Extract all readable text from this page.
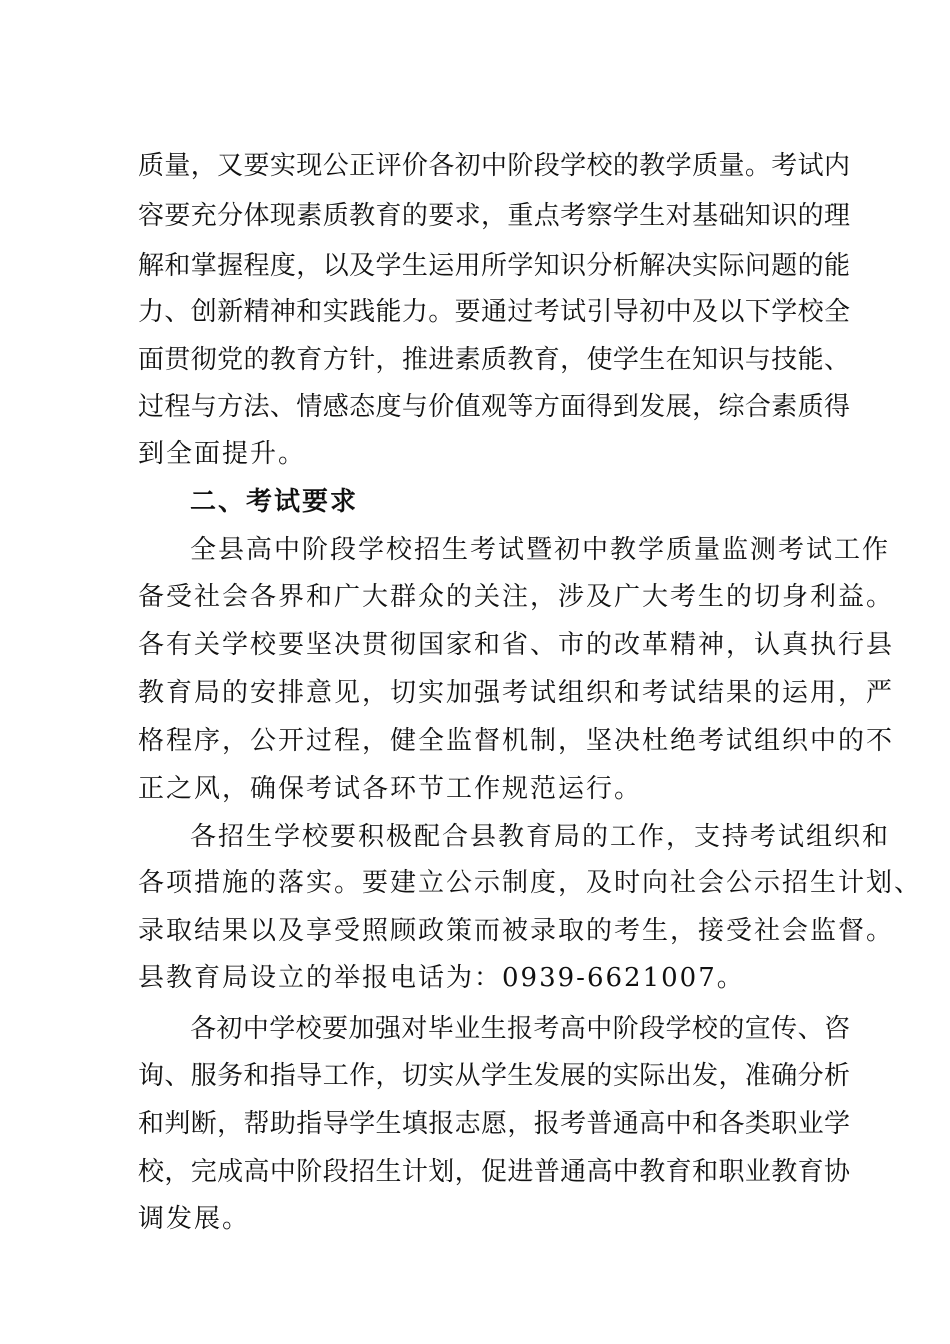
质量，又要实现公正评价各初中阶段学校的教学质量。考试内
容要充分体现素质教育的要求，重点考察学生对基础知识的理
解和掌握程度，以及学生运用所学知识分析解决实际问题的能
力、创新精神和实践能力。要通过考试引导初中及以下学校全
面贯彻党的教育方针，推进素质教育，使学生在知识与技能、
过程与方法、情感态度与价值观等方面得到发展，综合素质得
到全面提升。
二、考试要求
全县高中阶段学校招生考试暨初中教学质量监测考试工作
备受社会各界和广大群众的关注，涉及广大考生的切身利益。
各有关学校要坚决贯彻国家和省、市的改革精神，认真执行县
教育局的安排意见，切实加强考试组织和考试结果的运用，严
格程序，公开过程，健全监督机制，坚决杜绝考试组织中的不
正之风，确保考试各环节工作规范运行。
各招生学校要积极配合县教育局的工作，支持考试组织和
各项措施的落实。要建立公示制度，及时向社会公示招生计划、
录取结果以及享受照顾政策而被录取的考生，接受社会监督。
县教育局设立的举报电话为：0939-6621007。
各初中学校要加强对毕业生报考高中阶段学校的宣传、咨
询、服务和指导工作，切实从学生发展的实际出发，准确分析
和判断，帮助指导学生填报志愿，报考普通高中和各类职业学
校，完成高中阶段招生计划，促进普通高中教育和职业教育协
调发展。
